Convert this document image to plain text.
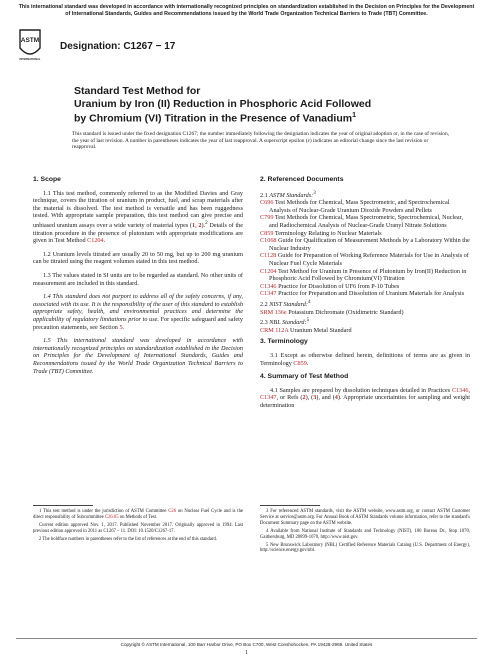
This international standard was developed in accordance with internationally recognized principles on standardization established in the Decision on Principles for the Development of International Standards, Guides and Recommendations issued by the World Trade Organization Technical Barriers to Trade (TBT) Committee.
ASTM
INTERNATIONAL
Designation: C1267 − 17
Standard Test Method for
Uranium by Iron (II) Reduction in Phosphoric Acid Followed
by Chromium (VI) Titration in the Presence of Vanadium$^1$
This standard is issued under the fixed designation C1267; the number immediately following the designation indicates the year of original adoption or, in the case of revision, the year of last revision. A number in parentheses indicates the year of last reapproval. A superscript epsilon (ε) indicates an editorial change since the last revision or reapproval.
1. Scope

1.1 This test method, commonly referred to as the Modified Davies and Gray technique, covers the titration of uranium in product, fuel, and scrap materials after the material is dissolved. The test method is versatile and has been ruggedness tested. With appropriate sample preparation, this test method can give precise and unbiased uranium assays over a wide variety of material types (1, 2).$^2$ Details of the titration procedure in the presence of plutonium with appropriate modifications are given in Test Method C1204.

1.2 Uranium levels titrated are usually 20 to 50 mg, but up to 200 mg uranium can be titrated using the reagent volumes stated in this test method.

1.3 The values stated in SI units are to be regarded as standard. No other units of measurement are included in this standard.

1.4 This standard does not purport to address all of the safety concerns, if any, associated with its use. It is the responsibility of the user of this standard to establish appropriate safety, health, and environmental practices and determine the applicability of regulatory limitations prior to use. For specific safeguard and safety precaution statements, see Section 5.

1.5 This international standard was developed in accordance with internationally recognized principles on standardization established in the Decision on Principles for the Development of International Standards, Guides and Recommendations issued by the World Trade Organization Technical Barriers to Trade (TBT) Committee.

2. Referenced Documents
2.1 ASTM Standards:$^3$
C696 Test Methods for Chemical, Mass Spectrometric, and Spectrochemical Analysis of Nuclear-Grade Uranium Dioxide Powders and Pellets
C799 Test Methods for Chemical, Mass Spectrometric, Spectrochemical, Nuclear, and Radiochemical Analysis of Nuclear-Grade Uranyl Nitrate Solutions
C859 Terminology Relating to Nuclear Materials
C1068 Guide for Qualification of Measurement Methods by a Laboratory Within the Nuclear Industry
C1128 Guide for Preparation of Working Reference Materials for Use in Analysis of Nuclear Fuel Cycle Materials
C1204 Test Method for Uranium in Presence of Plutonium by Iron(II) Reduction in Phosphoric Acid Followed by Chromium(VI) Titration
C1346 Practice for Dissolution of UF6 from P-10 Tubes
C1347 Practice for Preparation and Dissolution of Uranium Materials for Analysis
2.2 NIST Standard:$^4$
SRM 136e Potassium Dichromate (Oxidimetric Standard)
2.3 NBL Standard:$^5$
CRM 112A Uranium Metal Standard
3. Terminology

3.1 Except as otherwise defined herein, definitions of terms are as given in Terminology C859.

4. Summary of Test Method

4.1 Samples are prepared by dissolution techniques detailed in Practices C1346, C1347, or Refs (2), (3), and (4). Appropriate uncertainties for sampling and weight determination

1 This test method is under the jurisdiction of ASTM Committee C26 on Nuclear Fuel Cycle and is the direct responsibility of Subcommittee C26.05 on Methods of Test.

Current edition approved Nov. 1, 2017. Published November 2017. Originally approved in 1994. Last previous edition approved in 2011 as C1267 – 11. DOI: 10.1520/C1267-17.

2 The boldface numbers in parentheses refer to the list of references at the end of this standard.

3 For referenced ASTM standards, visit the ASTM website, www.astm.org, or contact ASTM Customer Service at service@astm.org. For Annual Book of ASTM Standards volume information, refer to the standard's Document Summary page on the ASTM website.

4 Available from National Institute of Standards and Technology (NIST), 100 Bureau Dr., Stop 1070, Gaithersburg, MD 20899-1070, http://www.nist.gov.

5 New Brunswick Laboratory (NBL) Certified Reference Materials Catalog (U.S. Department of Energy), http://science.energy.gov/nbl.

Copyright © ASTM International, 100 Barr Harbor Drive, PO Box C700, West Conshohocken, PA 19428-2959. United States
1
